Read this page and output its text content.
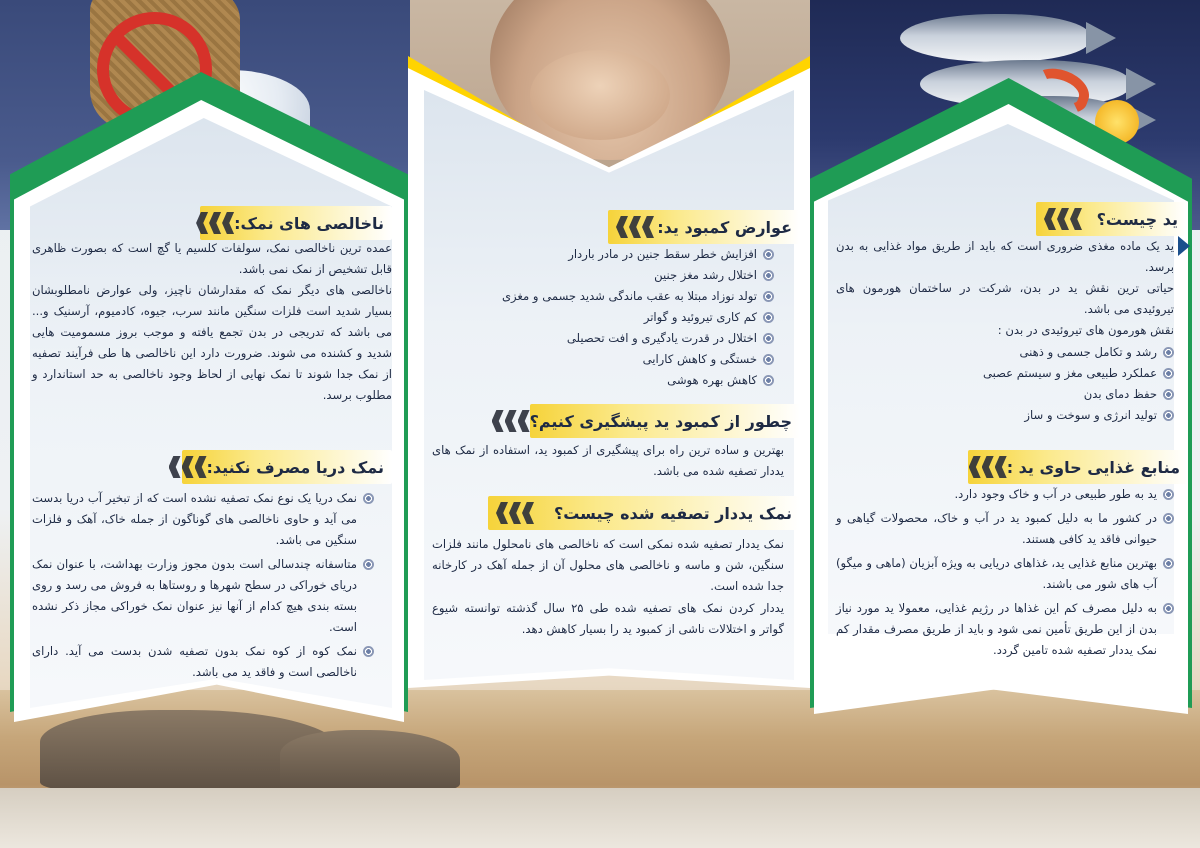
ناخالصی های نمک:
عمده ترین ناخالصی نمک، سولفات کلسیم یا گچ است که بصورت ظاهری قابل تشخیص از نمک نمی باشد.
ناخالصی های دیگر نمک که مقدارشان ناچیز، ولی عوارض نامطلوبشان بسیار شدید است فلزات سنگین مانند سرب، جیوه، کادمیوم، آرسنیک و... می باشد که تدریجی در بدن تجمع یافته و موجب بروز مسمومیت هایی شدید و کشنده می شوند. ضرورت دارد این ناخالصی ها طی فرآیند تصفیه از نمک جدا شوند تا نمک نهایی از لحاظ وجود ناخالصی به حد استاندارد و مطلوب برسد.
نمک دریا مصرف نکنید:
نمک دریا یک نوع نمک تصفیه نشده است که از تبخیر آب دریا بدست می آید و حاوی ناخالصی های گوناگون از جمله خاک، آهک و فلزات سنگین می باشد.
متاسفانه چندسالی است بدون مجوز وزارت بهداشت، با عنوان نمک دریای خوراکی در سطح شهرها و روستاها به فروش می رسد و روی بسته بندی هیچ کدام از آنها نیز عنوان نمک خوراکی مجاز ذکر نشده است.
نمک کوه از کوه نمک بدون تصفیه شدن بدست می آید. دارای ناخالصی است و فاقد ید می باشد.
عوارض کمبود ید:
افزایش خطر سقط جنین در مادر باردار
اختلال رشد مغز جنین
تولد نوزاد مبتلا به عقب ماندگی شدید جسمی و مغزی
کم کاری تیروئید و گواتر
اختلال در قدرت یادگیری و افت تحصیلی
خستگی و کاهش کارایی
کاهش بهره هوشی
چطور از کمبود ید پیشگیری کنیم؟
بهترین و ساده ترین راه برای پیشگیری از کمبود ید، استفاده از نمک های یددار تصفیه شده می باشد.
نمک یددار تصفیه شده چیست؟
نمک یددار تصفیه شده نمکی است که ناخالصی های نامحلول مانند فلزات سنگین، شن و ماسه و ناخالصی های محلول آن از جمله آهک در کارخانه جدا شده است.
یددار کردن نمک های تصفیه شده طی ۲۵ سال گذشته توانسته شیوع گواتر و اختلالات ناشی از کمبود ید را بسیار کاهش دهد.
ید چیست؟
ید یک ماده مغذی ضروری است که باید از طریق مواد غذایی به بدن برسد.
حیاتی ترین نقش ید در بدن، شرکت در ساختمان هورمون های تیروئیدی می باشد.
نقش هورمون های تیروئیدی در بدن :
رشد و تکامل جسمی و ذهنی
عملکرد طبیعی مغز و سیستم عصبی
حفظ دمای بدن
تولید انرژی و سوخت و ساز
منابع غذایی حاوی ید :
ید به طور طبیعی در آب و خاک وجود دارد.
در کشور ما به دلیل کمبود ید در آب و خاک، محصولات گیاهی و حیوانی فاقد ید کافی هستند.
بهترین منابع غذایی ید، غذاهای دریایی به ویژه آبزیان (ماهی و میگو) آب های شور می باشند.
به دلیل مصرف کم این غذاها در رژیم غذایی، معمولا ید مورد نیاز بدن از این طریق تأمین نمی شود و باید از طریق مصرف مقدار کم نمک یددار تصفیه شده تامین گردد.
